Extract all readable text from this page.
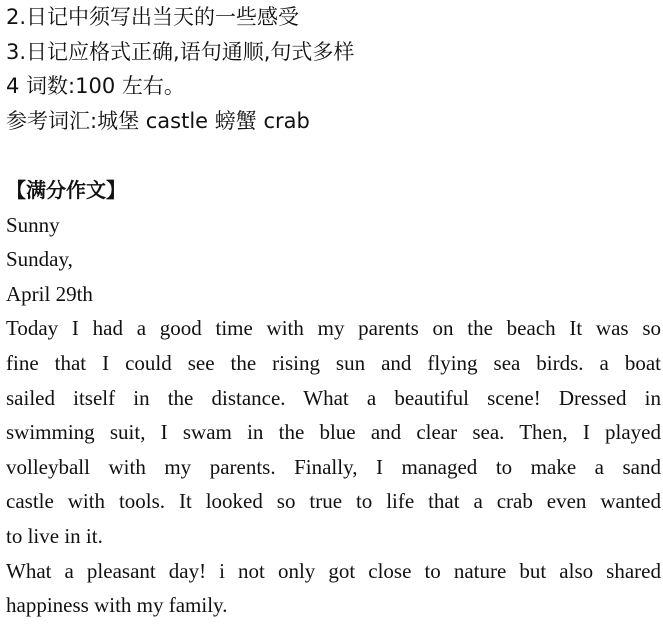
2.日记中须写出当天的一些感受
3.日记应格式正确,语句通顺,句式多样
4 词数:100 左右。
参考词汇:城堡 castle 螃蟹 crab
【满分作文】
Sunny
Sunday,
April 29th
Today I had a good time with my parents on the beach It was so
fine that I could see the rising sun and flying sea birds. a boat
sailed itself in the distance. What a beautiful scene! Dressed in
swimming suit, I swam in the blue and clear sea. Then, I played
volleyball with my parents. Finally, I managed to make a sand
castle with tools. It looked so true to life that a crab even wanted
to live in it.
What a pleasant day! i not only got close to nature but also shared
happiness with my family.
